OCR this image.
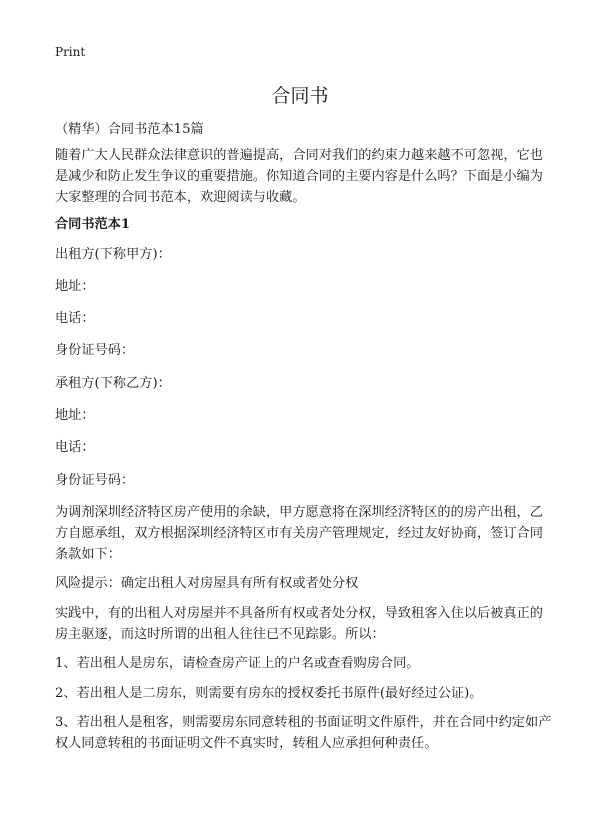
Print
合同书

（精华）合同书范本15篇

随着广大人民群众法律意识的普遍提高，合同对我们的约束力越来越不可忽视，它也是减少和防止发生争议的重要措施。你知道合同的主要内容是什么吗？下面是小编为大家整理的合同书范本，欢迎阅读与收藏。

合同书范本1

出租方(下称甲方)：

地址：

电话：

身份证号码：

承租方(下称乙方)：

地址：

电话：

身份证号码：

为调剂深圳经济特区房产使用的余缺，甲方愿意将在深圳经济特区的的房产出租，乙方自愿承组，双方根据深圳经济特区市有关房产管理规定，经过友好协商，签订合同条款如下：

风险提示：确定出租人对房屋具有所有权或者处分权

实践中，有的出租人对房屋并不具备所有权或者处分权，导致租客入住以后被真正的房主驱逐，而这时所谓的出租人往往已不见踪影。所以：

1、若出租人是房东，请检查房产证上的户名或查看购房合同。

2、若出租人是二房东，则需要有房东的授权委托书原件(最好经过公证)。

3、若出租人是租客，则需要房东同意转租的书面证明文件原件，并在合同中约定如产权人同意转租的书面证明文件不真实时，转租人应承担何种责任。
